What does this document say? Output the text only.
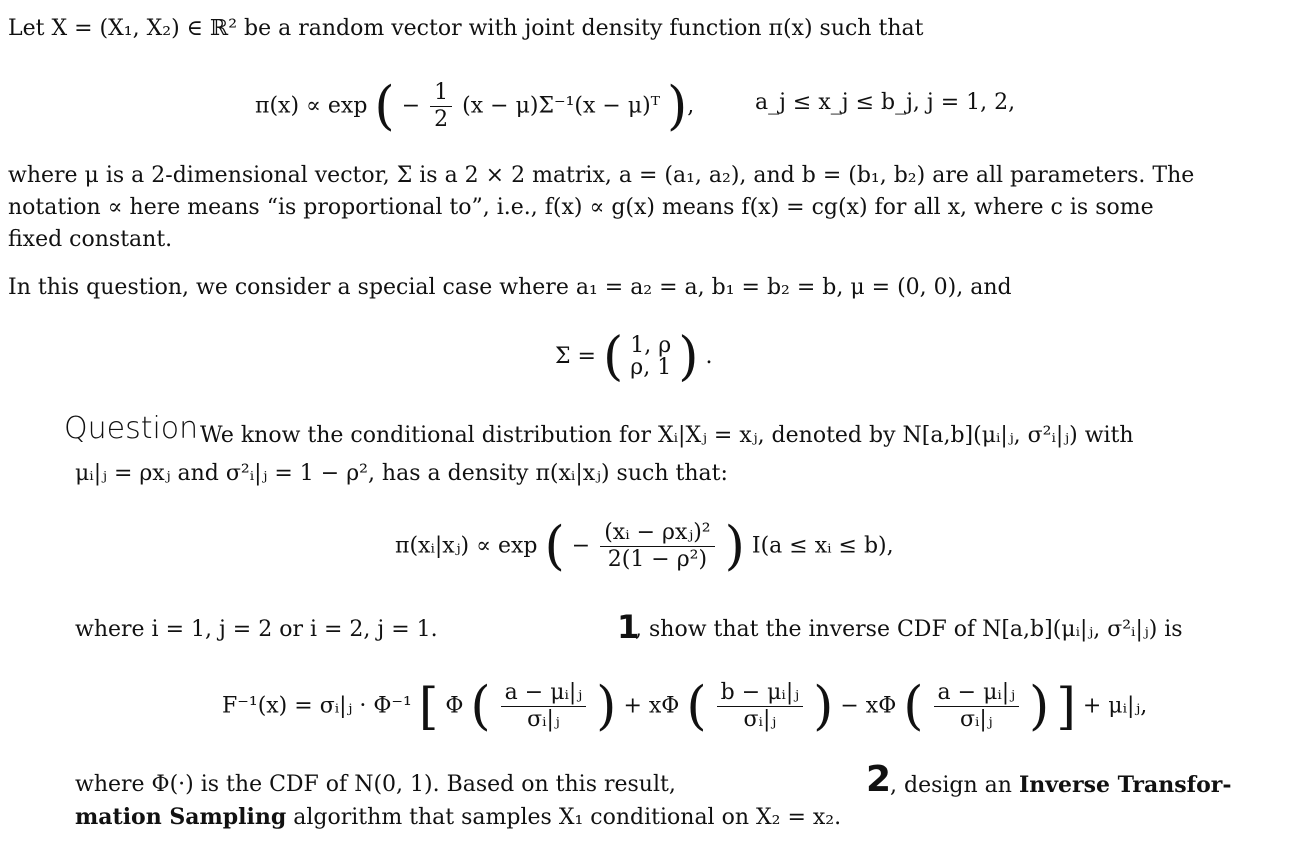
Let X = (X₁, X₂) ∈ ℝ² be a random vector with joint density function π(x) such that
π(x) ∝ exp ( − $\frac{1}{2} (x - \mu)\Sigma^{-1}(x$ − μ)ᵀ ),	a_j ≤ x_j ≤ b_j, j = 1, 2,
where μ is a 2-dimensional vector, Σ is a 2 × 2 matrix, a = (a₁, a₂), and b = (b₁, b₂) are all parameters. The
notation ∝ here means “is proportional to”, i.e., f(x) ∝ g(x) means f(x) = cg(x) for all x, where c is some
fixed constant.
In this question, we consider a special case where a₁ = a₂ = a, b₁ = b₂ = b, μ = (0, 0), and
Σ = ( 1, ρ
ρ, 1 ) .
Question We know the conditional distribution for Xᵢ|Xⱼ = xⱼ, denoted by N[a,b](μᵢ|ⱼ, σ²ᵢ|ⱼ) with
μᵢ|ⱼ = ρxⱼ and σ²ᵢ|ⱼ = 1 − ρ², has a density π(xᵢ|xⱼ) such that:
π(xᵢ|xⱼ) ∝ exp ( − $\frac{\text{(xᵢ − ρxⱼ)²}}{\text{2(1 − ρ²)}}$ ) I(a ≤ xᵢ ≤ b),
where i = 1, j = 2 or i = 2, j = 1.	1
, show that the inverse CDF of N[a,b](μᵢ|ⱼ, σ²ᵢ|ⱼ) is
F⁻¹(x) = σᵢ|ⱼ · Φ⁻¹ [ Φ ( $\frac{\text{a − μᵢ|ⱼ}}{\text{σᵢ|ⱼ}}$ ) + xΦ ( $\frac{\text{b − μᵢ|ⱼ}}{\text{σᵢ|ⱼ}}$ ) − xΦ ( $\frac{\text{a − μᵢ|ⱼ}}{\text{σᵢ|ⱼ}}$ ) ] + μᵢ|ⱼ,
where Φ(·) is the CDF of N(0, 1). Based on this result,	2
, design an Inverse Transfor-
mation Sampling algorithm that samples X₁ conditional on X₂ = x₂.
